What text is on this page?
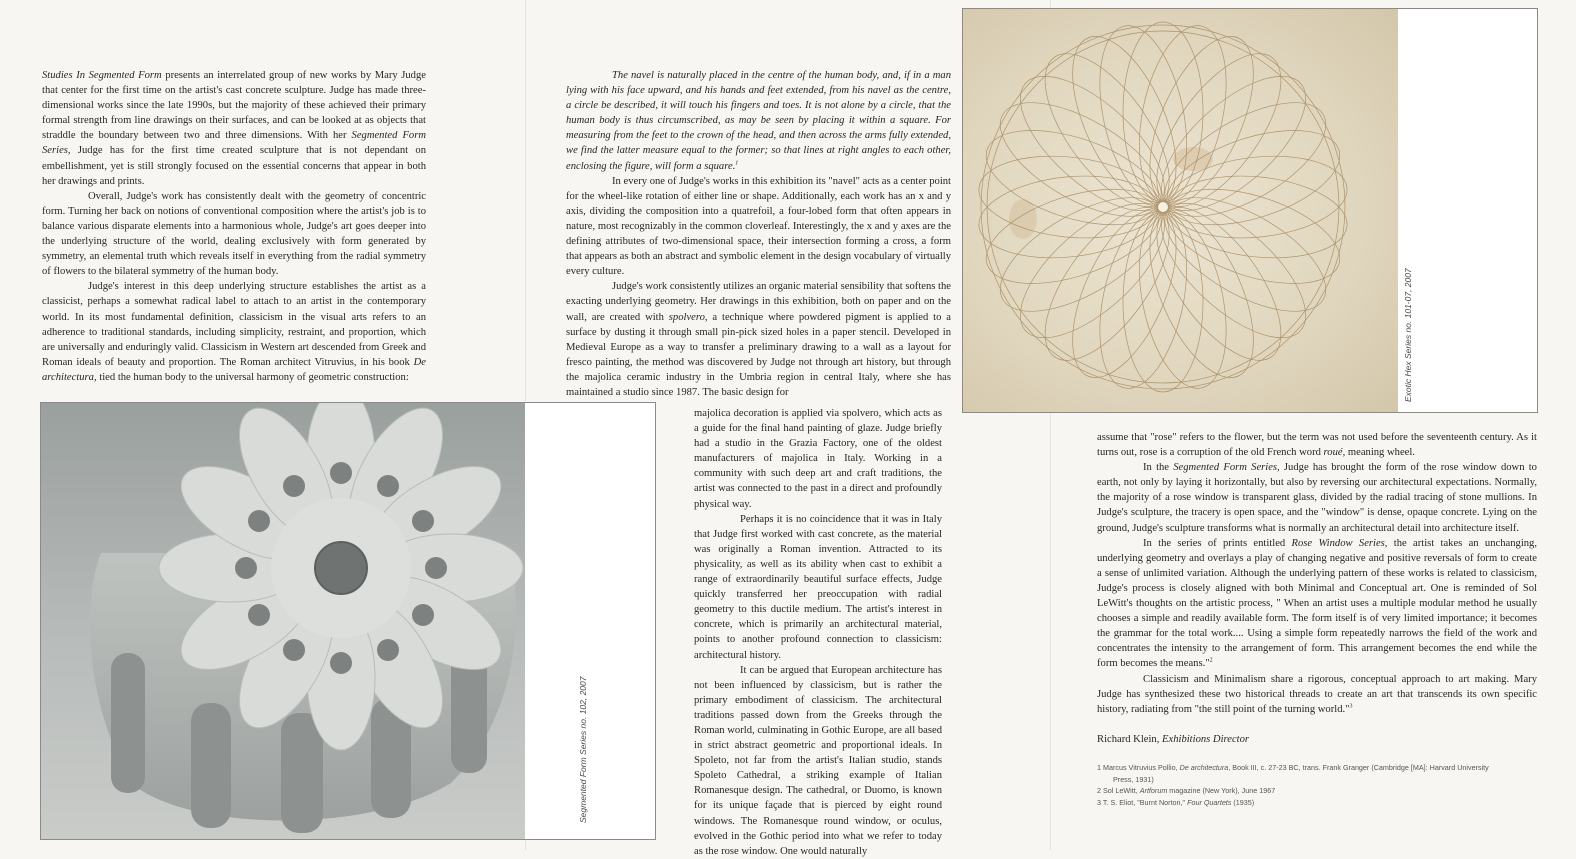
Studies In Segmented Form presents an interrelated group of new works by Mary Judge that center for the first time on the artist's cast concrete sculpture. Judge has made three-dimensional works since the late 1990s, but the majority of these achieved their primary formal strength from line drawings on their surfaces, and can be looked at as objects that straddle the boundary between two and three dimensions. With her Segmented Form Series, Judge has for the first time created sculpture that is not dependant on embellishment, yet is still strongly focused on the essential concerns that appear in both her drawings and prints.

Overall, Judge's work has consistently dealt with the geometry of concentric form. Turning her back on notions of conventional composition where the artist's job is to balance various disparate elements into a harmonious whole, Judge's art goes deeper into the underlying structure of the world, dealing exclusively with form generated by symmetry, an elemental truth which reveals itself in everything from the radial symmetry of flowers to the bilateral symmetry of the human body.

Judge's interest in this deep underlying structure establishes the artist as a classicist, perhaps a somewhat radical label to attach to an artist in the contemporary world. In its most fundamental definition, classicism in the visual arts refers to an adherence to traditional standards, including simplicity, restraint, and proportion, which are universally and enduringly valid. Classicism in Western art descended from Greek and Roman ideals of beauty and proportion. The Roman architect Vitruvius, in his book De architectura, tied the human body to the universal harmony of geometric construction:

Segmented Form Series no. 102, 2007

The navel is naturally placed in the centre of the human body, and, if in a man lying with his face upward, and his hands and feet extended, from his navel as the centre, a circle be described, it will touch his fingers and toes. It is not alone by a circle, that the human body is thus circumscribed, as may be seen by placing it within a square. For measuring from the feet to the crown of the head, and then across the arms fully extended, we find the latter measure equal to the former; so that lines at right angles to each other, enclosing the figure, will form a square.$^1$

In every one of Judge's works in this exhibition its "navel" acts as a center point for the wheel-like rotation of either line or shape. Additionally, each work has an x and y axis, dividing the composition into a quatrefoil, a four-lobed form that often appears in nature, most recognizably in the common cloverleaf. Interestingly, the x and y axes are the defining attributes of two-dimensional space, their intersection forming a cross, a form that appears as both an abstract and symbolic element in the design vocabulary of virtually every culture.

Judge's work consistently utilizes an organic material sensibility that softens the exacting underlying geometry. Her drawings in this exhibition, both on paper and on the wall, are created with spolvero, a technique where powdered pigment is applied to a surface by dusting it through small pin-pick sized holes in a paper stencil. Developed in Medieval Europe as a way to transfer a preliminary drawing to a wall as a layout for fresco painting, the method was discovered by Judge not through art history, but through the majolica ceramic industry in the Umbria region in central Italy, where she has maintained a studio since 1987. The basic design for

majolica decoration is applied via spolvero, which acts as a guide for the final hand painting of glaze. Judge briefly had a studio in the Grazia Factory, one of the oldest manufacturers of majolica in Italy. Working in a community with such deep art and craft traditions, the artist was connected to the past in a direct and profoundly physical way.

Perhaps it is no coincidence that it was in Italy that Judge first worked with cast concrete, as the material was originally a Roman invention. Attracted to its physicality, as well as its ability when cast to exhibit a range of extraordinarily beautiful surface effects, Judge quickly transferred her preoccupation with radial geometry to this ductile medium. The artist's interest in concrete, which is primarily an architectural material, points to another profound connection to classicism: architectural history.

It can be argued that European architecture has not been influenced by classicism, but is rather the primary embodiment of classicism. The architectural traditions passed down from the Greeks through the Roman world, culminating in Gothic Europe, are all based in strict abstract geometric and proportional ideals. In Spoleto, not far from the artist's Italian studio, stands Spoleto Cathedral, a striking example of Italian Romanesque design. The cathedral, or Duomo, is known for its unique façade that is pierced by eight round windows. The Romanesque round window, or oculus, evolved in the Gothic period into what we refer to today as the rose window. One would naturally

Exotic Hex Series no. 101-07, 2007

assume that "rose" refers to the flower, but the term was not used before the seventeenth century. As it turns out, rose is a corruption of the old French word roué, meaning wheel.

In the Segmented Form Series, Judge has brought the form of the rose window down to earth, not only by laying it horizontally, but also by reversing our architectural expectations. Normally, the majority of a rose window is transparent glass, divided by the radial tracing of stone mullions. In Judge's sculpture, the tracery is open space, and the "window" is dense, opaque concrete. Lying on the ground, Judge's sculpture transforms what is normally an architectural detail into architecture itself.

In the series of prints entitled Rose Window Series, the artist takes an unchanging, underlying geometry and overlays a play of changing negative and positive reversals of form to create a sense of unlimited variation. Although the underlying pattern of these works is related to classicism, Judge's process is closely aligned with both Minimal and Conceptual art. One is reminded of Sol LeWitt's thoughts on the artistic process, " When an artist uses a multiple modular method he usually chooses a simple and readily available form. The form itself is of very limited importance; it becomes the grammar for the total work.... Using a simple form repeatedly narrows the field of the work and concentrates the intensity to the arrangement of form. This arrangement becomes the end while the form becomes the means."$^2$

Classicism and Minimalism share a rigorous, conceptual approach to art making. Mary Judge has synthesized these two historical threads to create an art that transcends its own specific history, radiating from "the still point of the turning world."$^3$

Richard Klein, Exhibitions Director

1 Marcus Vitruvius Pollio, De architectura, Book III, c. 27-23 BC, trans. Frank Granger (Cambridge [MA]: Harvard University

Press, 1931)

2 Sol LeWitt, Artforum magazine (New York), June 1967

3 T. S. Eliot, "Burnt Norton," Four Quartets (1935)
